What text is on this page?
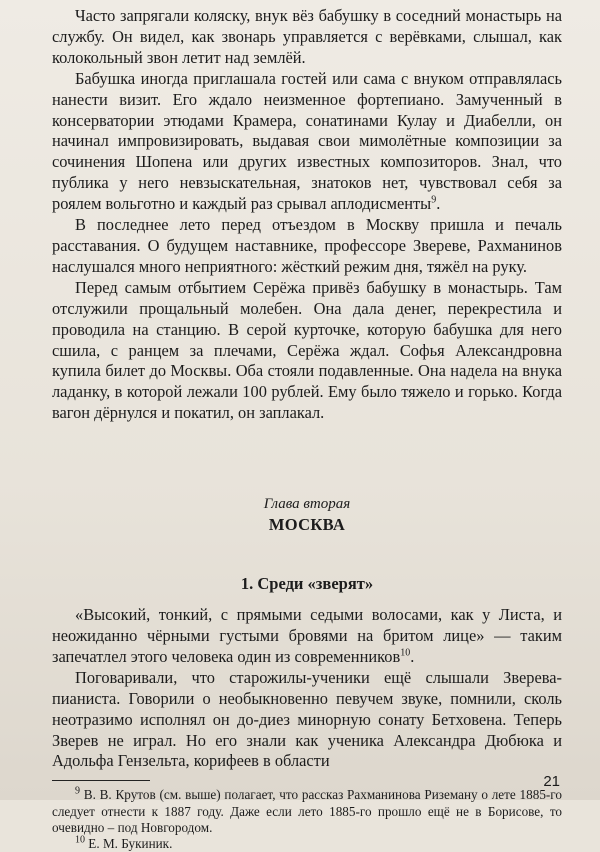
Часто запрягали коляску, внук вёз бабушку в соседний монастырь на службу. Он видел, как звонарь управляется с верёвками, слышал, как колокольный звон летит над землёй.

Бабушка иногда приглашала гостей или сама с внуком отправлялась нанести визит. Его ждало неизменное фортепиано. Замученный в консерватории этюдами Крамера, сонатинами Кулау и Диабелли, он начинал импровизировать, выдавая свои мимолётные композиции за сочинения Шопена или других известных композиторов. Знал, что публика у него невзыскательная, знатоков нет, чувствовал себя за роялем вольготно и каждый раз срывал аплодисменты$^9$.

В последнее лето перед отъездом в Москву пришла и печаль расставания. О будущем наставнике, профессоре Звереве, Рахманинов наслушался много неприятного: жёсткий режим дня, тяжёл на руку.

Перед самым отбытием Серёжа привёз бабушку в монастырь. Там отслужили прощальный молебен. Она дала денег, перекрестила и проводила на станцию. В серой курточке, которую бабушка для него сшила, с ранцем за плечами, Серёжа ждал. Софья Александровна купила билет до Москвы. Оба стояли подавленные. Она надела на внука ладанку, в которой лежали 100 рублей. Ему было тяжело и горько. Когда вагон дёрнулся и покатил, он заплакал.

Глава вторая
МОСКВА
1. Среди «зверят»

«Высокий, тонкий, с прямыми седыми волосами, как у Листа, и неожиданно чёрными густыми бровями на бритом лице» — таким запечатлел этого человека один из современников$^{10}$.

Поговаривали, что старожилы-ученики ещё слышали Зверева-пианиста. Говорили о необыкновенно певучем звуке, помнили, сколь неотразимо исполнял он до-диез минорную сонату Бетховена. Теперь Зверев не играл. Но его знали как ученика Александра Дюбюка и Адольфа Гензельта, корифеев в области

$^9$ В. В. Крутов (см. выше) полагает, что рассказ Рахманинова Риземану о лете 1885-го следует отнести к 1887 году. Даже если лето 1885-го прошло ещё не в Борисове, то очевидно – под Новгородом.

$^{10}$ Е. М. Букиник.

21
